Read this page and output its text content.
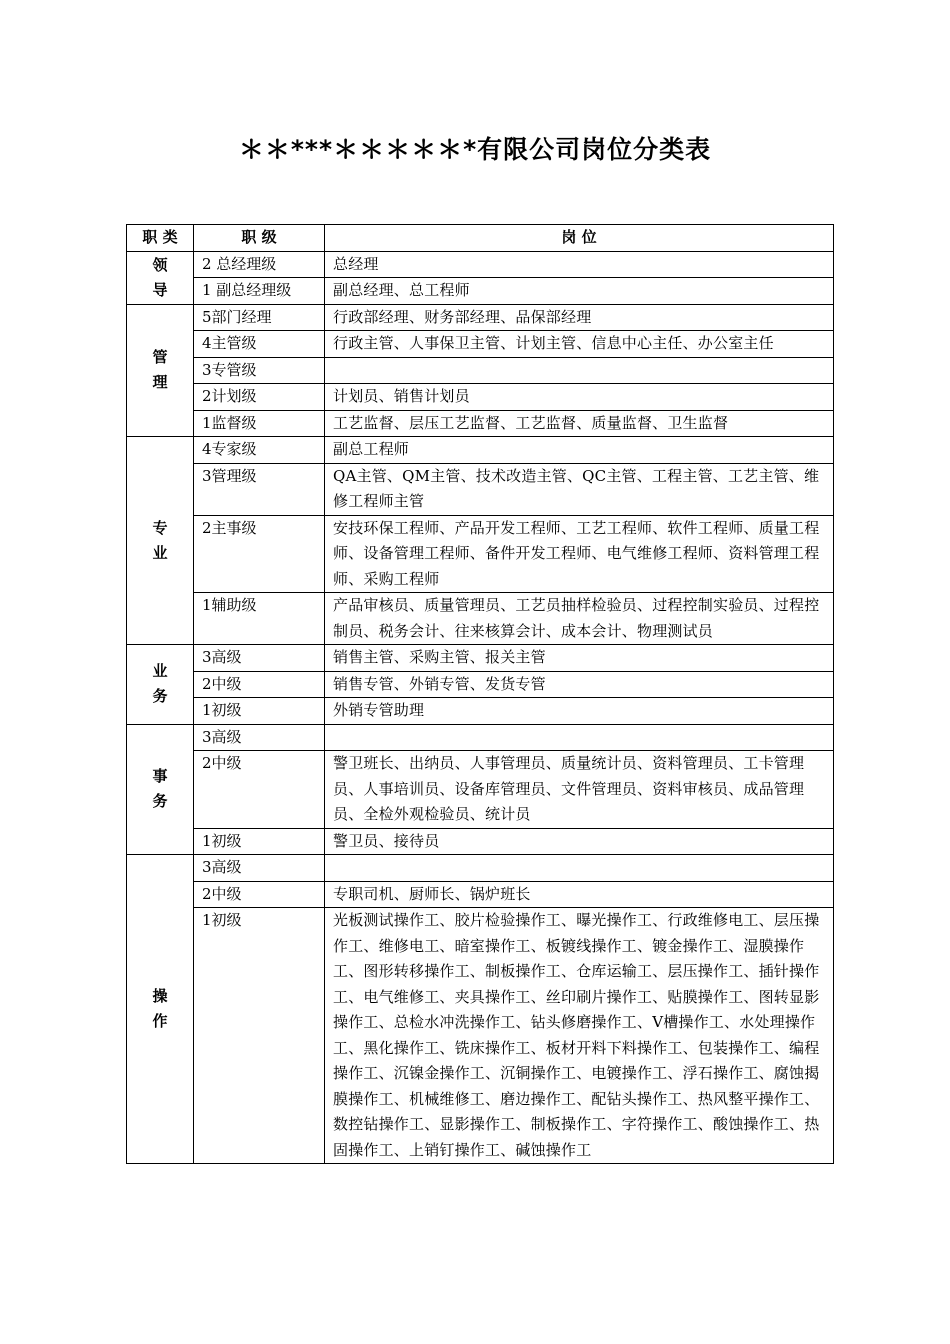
＊＊***＊＊＊＊＊*有限公司岗位分类表
职 类	职 级	岗 位
领导	2 总经理级	总经理
	1 副总经理级	副总经理、总工程师
管理	5部门经理	行政部经理、财务部经理、品保部经理
	4主管级	行政主管、人事保卫主管、计划主管、信息中心主任、办公室主任
	3专管级	
	2计划级	计划员、销售计划员
	1监督级	工艺监督、层压工艺监督、工艺监督、质量监督、卫生监督
专业	4专家级	副总工程师
	3管理级	QA主管、QM主管、技术改造主管、QC主管、工程主管、工艺主管、维修工程师主管
	2主事级	安技环保工程师、产品开发工程师、工艺工程师、软件工程师、质量工程师、设备管理工程师、备件开发工程师、电气维修工程师、资料管理工程师、采购工程师
	1辅助级	产品审核员、质量管理员、工艺员抽样检验员、过程控制实验员、过程控制员、税务会计、往来核算会计、成本会计、物理测试员
业务	3高级	销售主管、采购主管、报关主管
	2中级	销售专管、外销专管、发货专管
	1初级	外销专管助理
事务	3高级	
	2中级	警卫班长、出纳员、人事管理员、质量统计员、资料管理员、工卡管理员、人事培训员、设备库管理员、文件管理员、资料审核员、成品管理员、全检外观检验员、统计员
	1初级	警卫员、接待员
操作	3高级	
	2中级	专职司机、厨师长、锅炉班长
	1初级	光板测试操作工、胶片检验操作工、曝光操作工、行政维修电工、层压操作工、维修电工、暗室操作工、板镀线操作工、镀金操作工、湿膜操作工、图形转移操作工、制板操作工、仓库运输工、层压操作工、插针操作工、电气维修工、夹具操作工、丝印刷片操作工、贴膜操作工、图转显影操作工、总检水冲洗操作工、钻头修磨操作工、V槽操作工、水处理操作工、黑化操作工、铣床操作工、板材开料下料操作工、包装操作工、编程操作工、沉镍金操作工、沉铜操作工、电镀操作工、浮石操作工、腐蚀揭膜操作工、机械维修工、磨边操作工、配钻头操作工、热风整平操作工、数控钻操作工、显影操作工、制板操作工、字符操作工、酸蚀操作工、热固操作工、上销钉操作工、碱蚀操作工
